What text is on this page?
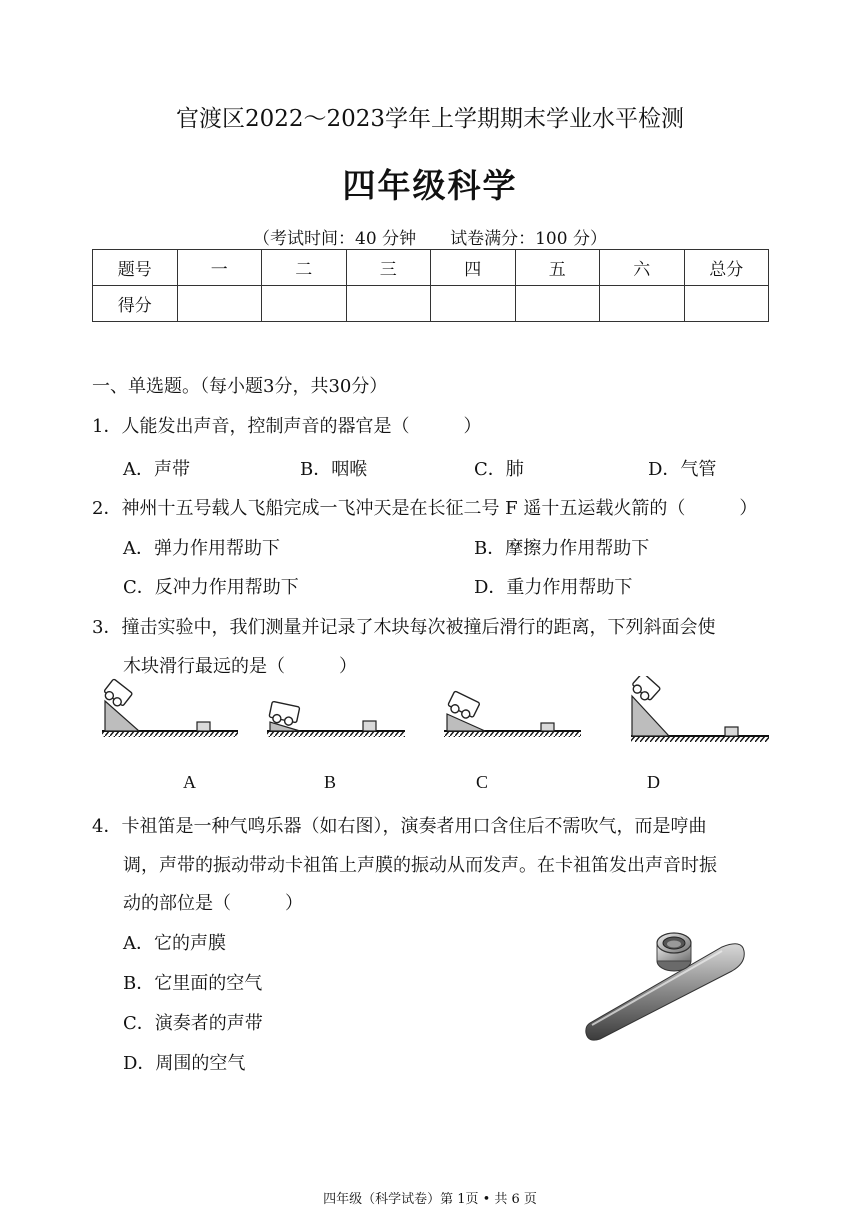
官渡区2022～2023学年上学期期末学业水平检测
四年级科学
（考试时间：40 分钟 试卷满分：100 分）
题号	一	二	三	四	五	六	总分
得分							
一、单选题。（每小题3分，共30分）
1．人能发出声音，控制声音的器官是（　　　）
A．声带	B．咽喉	C．肺	D．气管
2．神州十五号载人飞船完成一飞冲天是在长征二号 F 遥十五运载火箭的（　　　）
A．弹力作用帮助下	B．摩擦力作用帮助下
C．反冲力作用帮助下	D．重力作用帮助下
3．撞击实验中，我们测量并记录了木块每次被撞后滑行的距离，下列斜面会使
木块滑行最远的是（　　　）
A	B	C	D
4．卡祖笛是一种气鸣乐器（如右图），演奏者用口含住后不需吹气，而是哼曲
调，声带的振动带动卡祖笛上声膜的振动从而发声。在卡祖笛发出声音时振
动的部位是（　　　）
A．它的声膜
B．它里面的空气
C．演奏者的声带
D．周围的空气
四年级（科学试卷）第 1页 • 共 6 页
